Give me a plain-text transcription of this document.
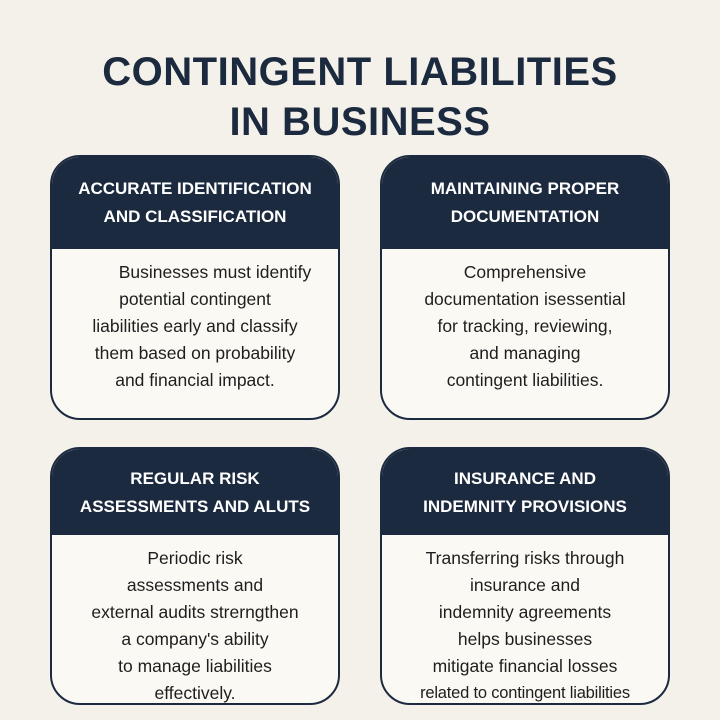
CONTINGENT LIABILITIES
IN BUSINESS
ACCURATE IDENTIFICATION
AND CLASSIFICATION
Businesses must identify
potential contingent
liabilities early and classify
them based on probability
and financial impact.
MAINTAINING PROPER
DOCUMENTATION
Comprehensive
documentation isessential
for tracking, reviewing,
and managing
contingent liabilities.
REGULAR RISK
ASSESSMENTS AND ALUTS
Periodic risk
assessments and
external audits strerngthen
a company's ability
to manage liabilities
effectively.
INSURANCE AND
INDEMNITY PROVISIONS
Transferring risks through
insurance and
indemnity agreements
helps businesses
mitigate financial losses
related to contingent liabilities
